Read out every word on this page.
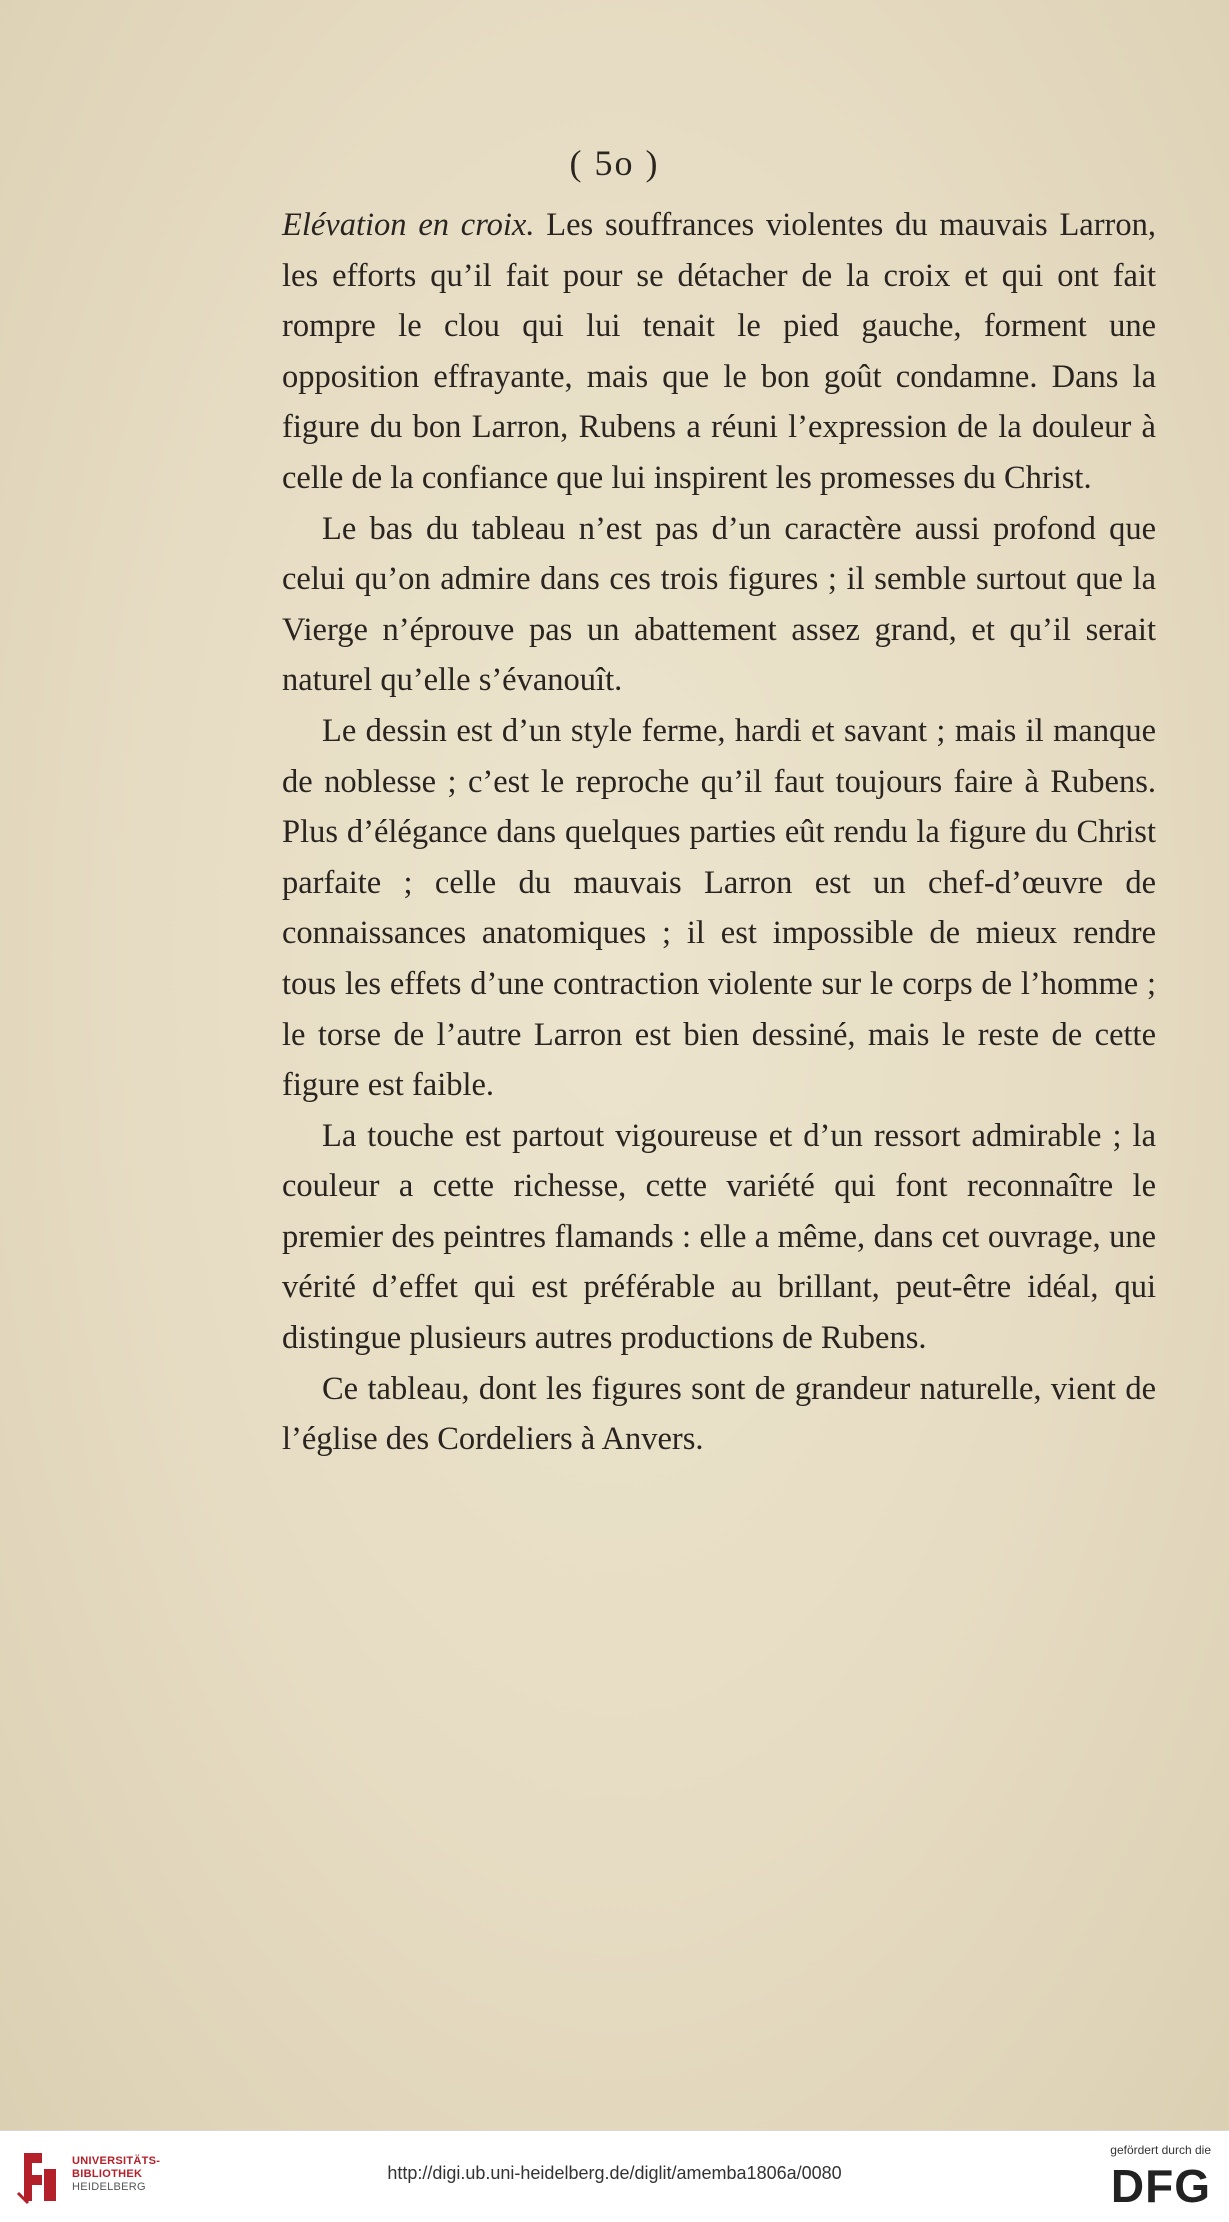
( 5o )

Elévation en croix. Les souffrances violentes du mauvais Larron, les efforts qu’il fait pour se détacher de la croix et qui ont fait rompre le clou qui lui tenait le pied gauche, forment une opposition effrayante, mais que le bon goût condamne. Dans la figure du bon Larron, Rubens a réuni l’expression de la douleur à celle de la confiance que lui inspirent les promesses du Christ.

Le bas du tableau n’est pas d’un caractère aussi profond que celui qu’on admire dans ces trois figures ; il semble surtout que la Vierge n’éprouve pas un abattement assez grand, et qu’il serait naturel qu’elle s’évanouît.

Le dessin est d’un style ferme, hardi et savant ; mais il manque de noblesse ; c’est le reproche qu’il faut toujours faire à Rubens. Plus d’élégance dans quelques parties eût rendu la figure du Christ parfaite ; celle du mauvais Larron est un chef-d’œuvre de connaissances anatomiques ; il est impossible de mieux rendre tous les effets d’une contraction violente sur le corps de l’homme ; le torse de l’autre Larron est bien dessiné, mais le reste de cette figure est faible.

La touche est partout vigoureuse et d’un ressort admirable ; la couleur a cette richesse, cette variété qui font reconnaître le premier des peintres flamands : elle a même, dans cet ouvrage, une vérité d’effet qui est préférable au brillant, peut-être idéal, qui distingue plusieurs autres productions de Rubens.

Ce tableau, dont les figures sont de grandeur naturelle, vient de l’église des Cordeliers à Anvers.

UNIVERSITÄTS-
BIBLIOTHEK
HEIDELBERG
http://digi.ub.uni-heidelberg.de/diglit/amemba1806a/0080
gefördert durch die
DFG
